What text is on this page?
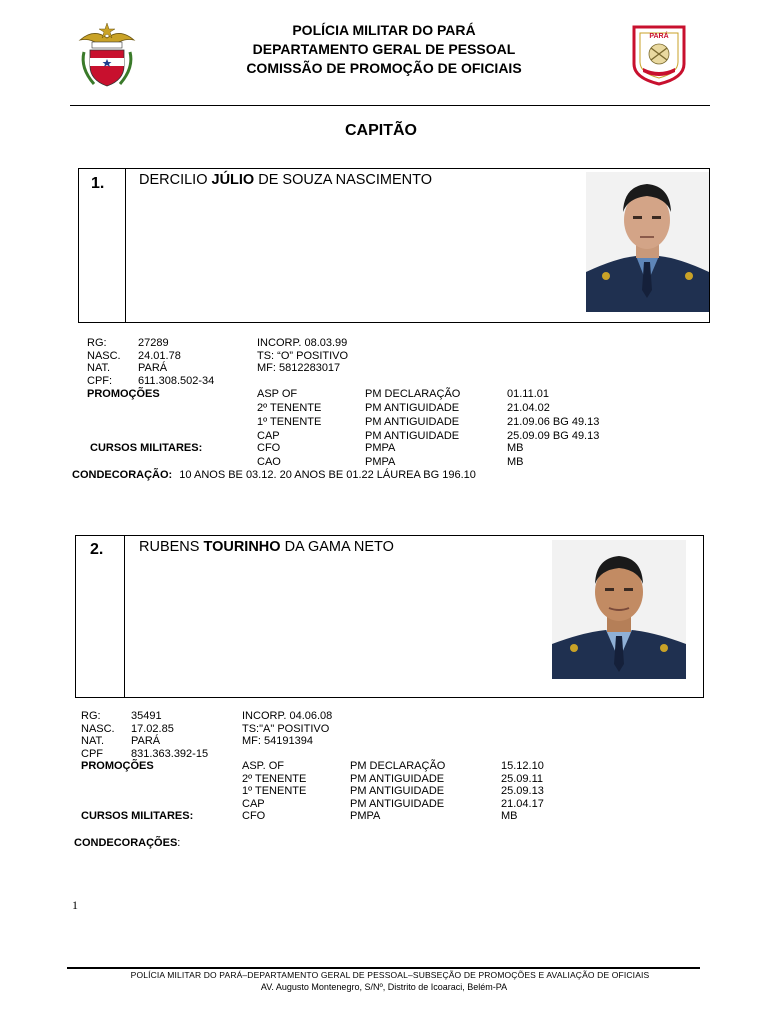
POLÍCIA MILITAR DO PARÁ
DEPARTAMENTO GERAL DE PESSOAL
COMISSÃO DE PROMOÇÃO DE OFICIAIS
PARÁ
CAPITÃO
1. DERCILIO JÚLIO DE SOUZA NASCIMENTO
RG:	27289
NASC. 24.01.78
NAT.	PARÁ
CPF: 611.308.502-34
INCORP. 08.03.99
TS: “O” POSITIVO
MF: 5812283017
PROMOÇÕES	ASP OF	PM DECLARAÇÃO	01.11.01
2º TENENTE	PM ANTIGUIDADE	21.04.02
1º TENENTE	PM ANTIGUIDADE	21.09.06 BG 49.13
CAP	PM ANTIGUIDADE	25.09.09 BG 49.13
CURSOS MILITARES:	CFO	PMPA	MB
CAO	PMPA	MB
CONDECORAÇÃO: 10 ANOS BE 03.12. 20 ANOS BE 01.22 LÁUREA BG 196.10
2. RUBENS TOURINHO DA GAMA NETO
RG:	35491
NASC. 17.02.85
NAT. PARÁ
CPF	831.363.392-15
INCORP. 04.06.08
TS:"A" POSITIVO
MF: 54191394
PROMOÇÕES	ASP. OF	PM DECLARAÇÃO	15.12.10
2º TENENTE	PM ANTIGUIDADE	25.09.11
1º TENENTE	PM ANTIGUIDADE	25.09.13
CAP	PM ANTIGUIDADE	21.04.17
CURSOS MILITARES:	CFO	PMPA	MB
CONDECORAÇÕES:
1
POLÍCIA MILITAR DO PARÁ–DEPARTAMENTO GERAL DE PESSOAL–SUBSEÇÃO DE PROMOÇÕES E AVALIAÇÃO DE OFICIAIS
AV. Augusto Montenegro, S/Nº, Distrito de Icoaraci, Belém-PA
